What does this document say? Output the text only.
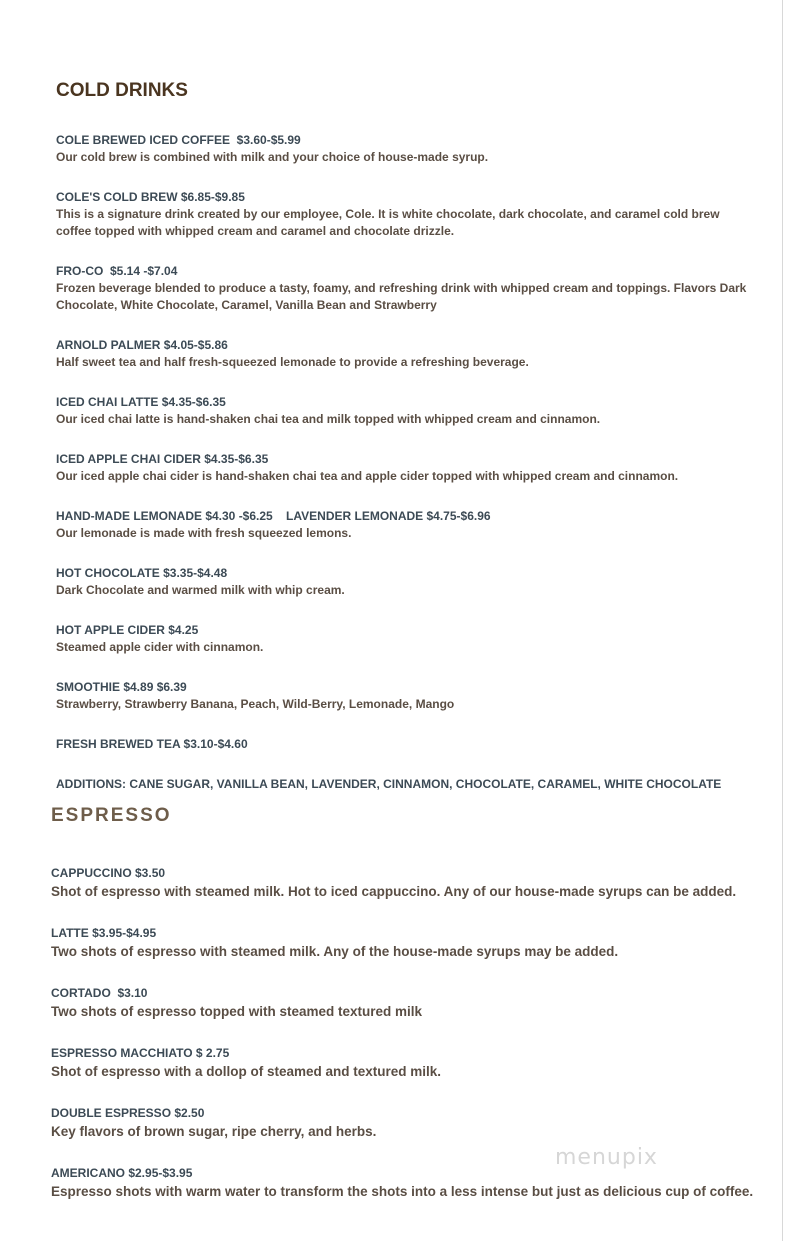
COLD DRINKS
COLE BREWED ICED COFFEE  $3.60-$5.99
Our cold brew is combined with milk and your choice of house-made syrup.
COLE'S COLD BREW $6.85-$9.85
This is a signature drink created by our employee, Cole. It is white chocolate, dark chocolate, and caramel cold brew coffee topped with whipped cream and caramel and chocolate drizzle.
FRO-CO  $5.14 -$7.04
Frozen beverage blended to produce a tasty, foamy, and refreshing drink with whipped cream and toppings. Flavors Dark Chocolate, White Chocolate, Caramel, Vanilla Bean and Strawberry
ARNOLD PALMER $4.05-$5.86
Half sweet tea and half fresh-squeezed lemonade to provide a refreshing beverage.
ICED CHAI LATTE $4.35-$6.35
Our iced chai latte is hand-shaken chai tea and milk topped with whipped cream and cinnamon.
ICED APPLE CHAI CIDER $4.35-$6.35
Our iced apple chai cider is hand-shaken chai tea and apple cider topped with whipped cream and cinnamon.
HAND-MADE LEMONADE $4.30 -$6.25    LAVENDER LEMONADE $4.75-$6.96
Our lemonade is made with fresh squeezed lemons.
HOT CHOCOLATE $3.35-$4.48
Dark Chocolate and warmed milk with whip cream.
HOT APPLE CIDER $4.25
Steamed apple cider with cinnamon.
SMOOTHIE $4.89 $6.39
Strawberry, Strawberry Banana, Peach, Wild-Berry, Lemonade, Mango
FRESH BREWED TEA $3.10-$4.60
ADDITIONS: CANE SUGAR, VANILLA BEAN, LAVENDER, CINNAMON, CHOCOLATE, CARAMEL, WHITE CHOCOLATE
ESPRESSO
CAPPUCCINO $3.50
Shot of espresso with steamed milk. Hot to iced cappuccino. Any of our house-made syrups can be added.
LATTE $3.95-$4.95
Two shots of espresso with steamed milk. Any of the house-made syrups may be added.
CORTADO  $3.10
Two shots of espresso topped with steamed textured milk
ESPRESSO MACCHIATO $ 2.75
Shot of espresso with a dollop of steamed and textured milk.
DOUBLE ESPRESSO $2.50
Key flavors of brown sugar, ripe cherry, and herbs.
AMERICANO $2.95-$3.95
Espresso shots with warm water to transform the shots into a less intense but just as delicious cup of coffee.
menupix
